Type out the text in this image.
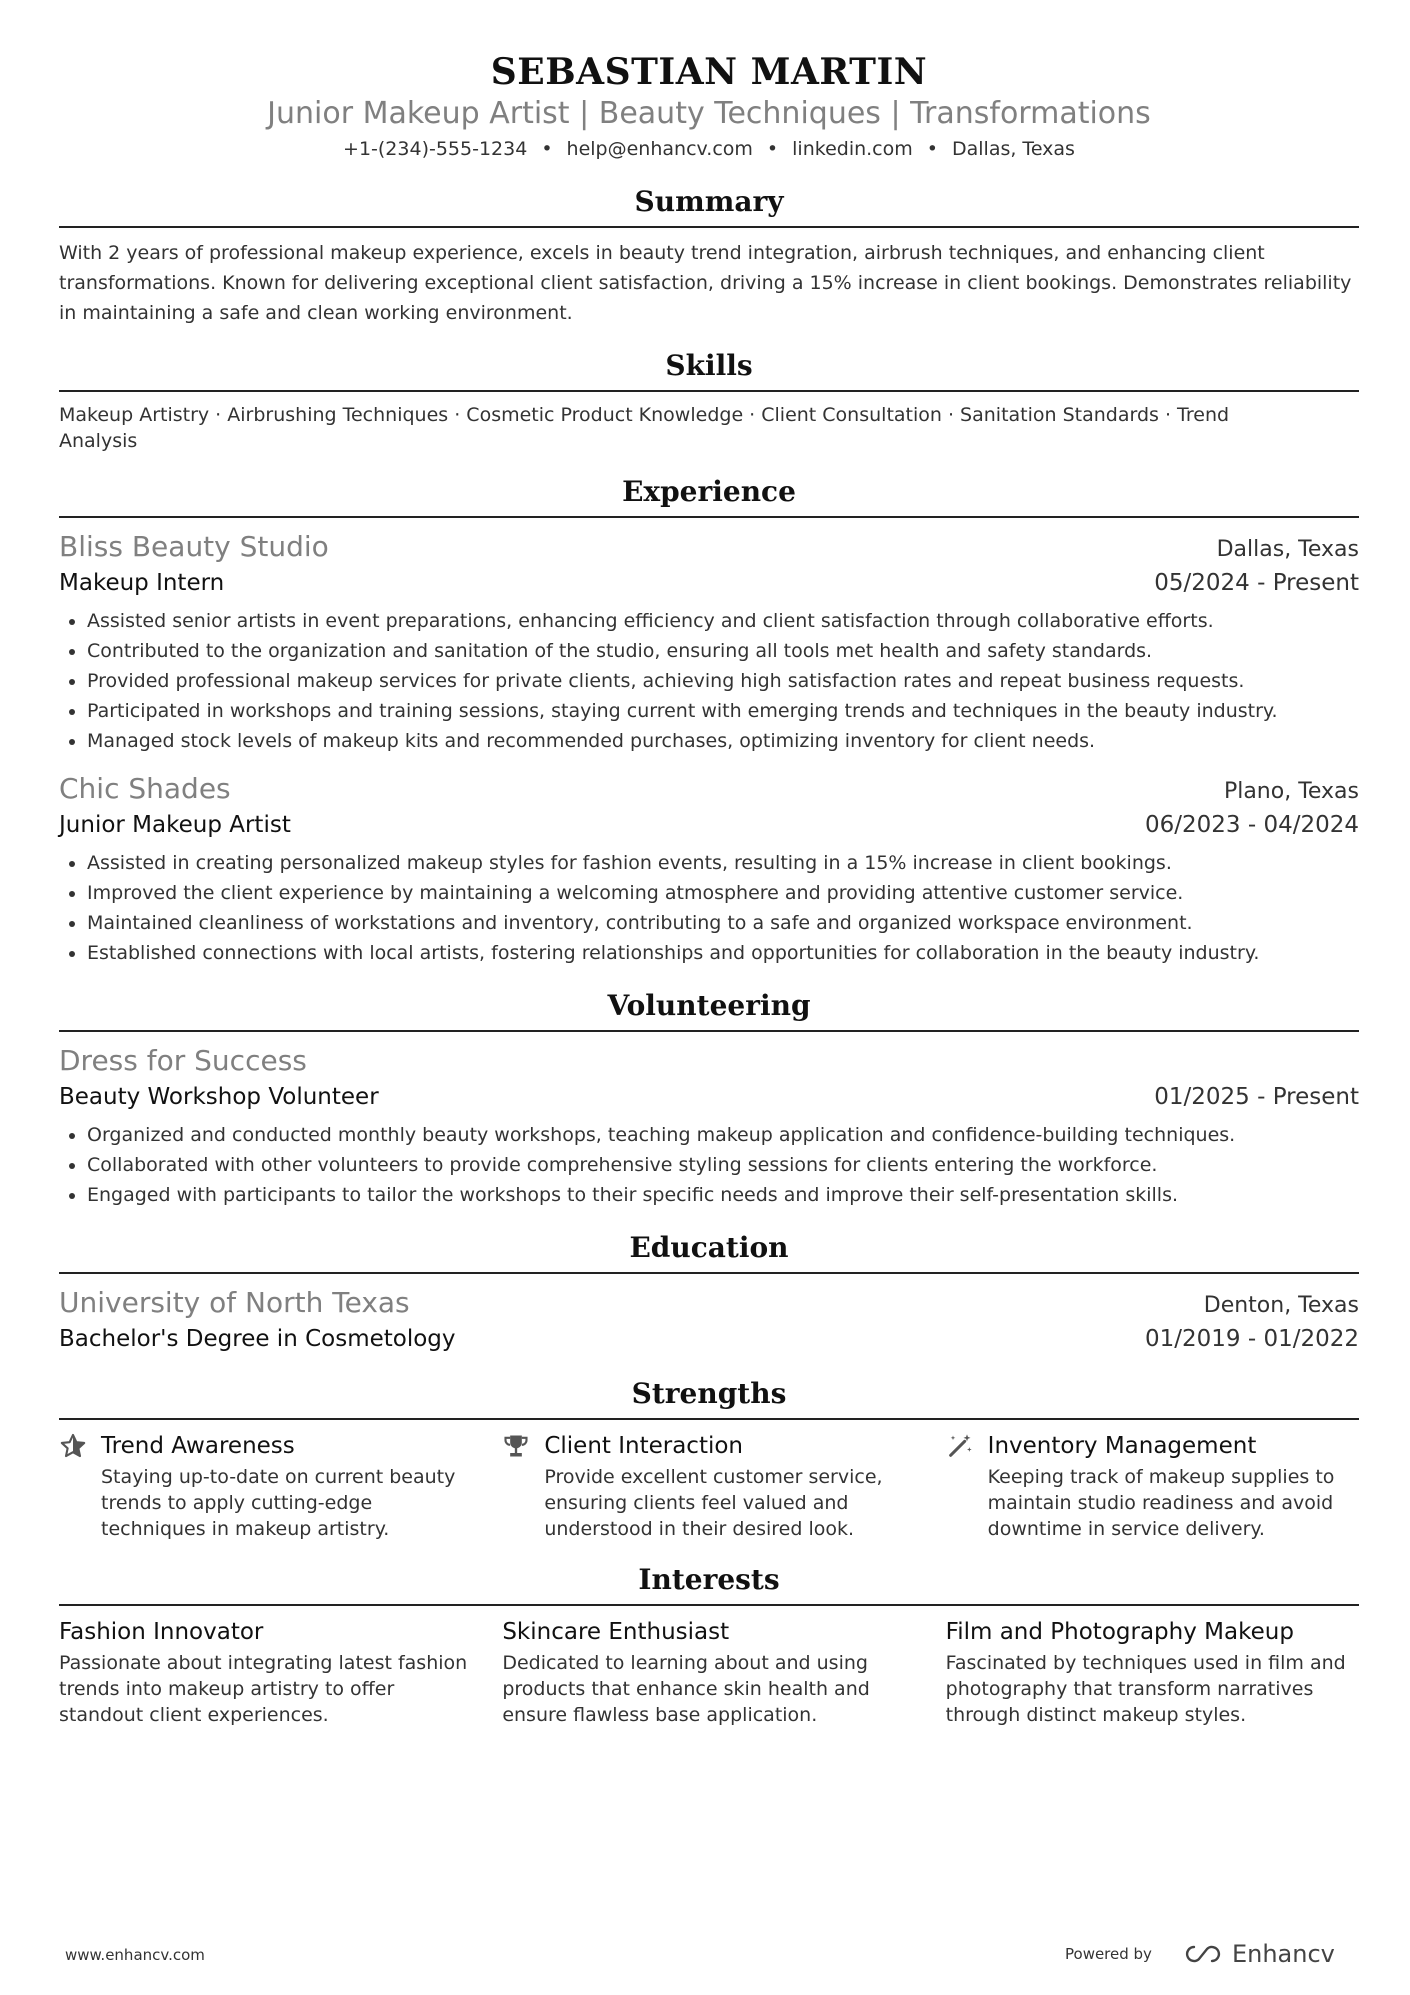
SEBASTIAN MARTIN
Junior Makeup Artist | Beauty Techniques | Transformations
+1-(234)-555-1234 • help@enhancv.com • linkedin.com • Dallas, Texas
Summary

With 2 years of professional makeup experience, excels in beauty trend integration, airbrush techniques, and enhancing client transformations. Known for delivering exceptional client satisfaction, driving a 15% increase in client bookings. Demonstrates reliability in maintaining a safe and clean working environment.

Skills
Makeup Artistry · Airbrushing Techniques · Cosmetic Product Knowledge · Client Consultation · Sanitation Standards · Trend Analysis
Experience
Bliss Beauty Studio	Dallas, Texas
Makeup Intern	05/2024 - Present
• Assisted senior artists in event preparations, enhancing efficiency and client satisfaction through collaborative efforts.
• Contributed to the organization and sanitation of the studio, ensuring all tools met health and safety standards.
• Provided professional makeup services for private clients, achieving high satisfaction rates and repeat business requests.
• Participated in workshops and training sessions, staying current with emerging trends and techniques in the beauty industry.
• Managed stock levels of makeup kits and recommended purchases, optimizing inventory for client needs.
Chic Shades	Plano, Texas
Junior Makeup Artist	06/2023 - 04/2024
• Assisted in creating personalized makeup styles for fashion events, resulting in a 15% increase in client bookings.
• Improved the client experience by maintaining a welcoming atmosphere and providing attentive customer service.
• Maintained cleanliness of workstations and inventory, contributing to a safe and organized workspace environment.
• Established connections with local artists, fostering relationships and opportunities for collaboration in the beauty industry.
Volunteering
Dress for Success
Beauty Workshop Volunteer	01/2025 - Present
• Organized and conducted monthly beauty workshops, teaching makeup application and confidence-building techniques.
• Collaborated with other volunteers to provide comprehensive styling sessions for clients entering the workforce.
• Engaged with participants to tailor the workshops to their specific needs and improve their self-presentation skills.
Education
University of North Texas	Denton, Texas
Bachelor's Degree in Cosmetology	01/2019 - 01/2022
Strengths
Trend Awareness
Staying up-to-date on current beauty trends to apply cutting-edge techniques in makeup artistry.
Client Interaction
Provide excellent customer service, ensuring clients feel valued and understood in their desired look.
Inventory Management
Keeping track of makeup supplies to maintain studio readiness and avoid downtime in service delivery.
Interests
Fashion Innovator
Passionate about integrating latest fashion trends into makeup artistry to offer standout client experiences.
Skincare Enthusiast
Dedicated to learning about and using products that enhance skin health and ensure flawless base application.
Film and Photography Makeup
Fascinated by techniques used in film and photography that transform narratives through distinct makeup styles.
www.enhancv.com	Powered by	Enhancv
